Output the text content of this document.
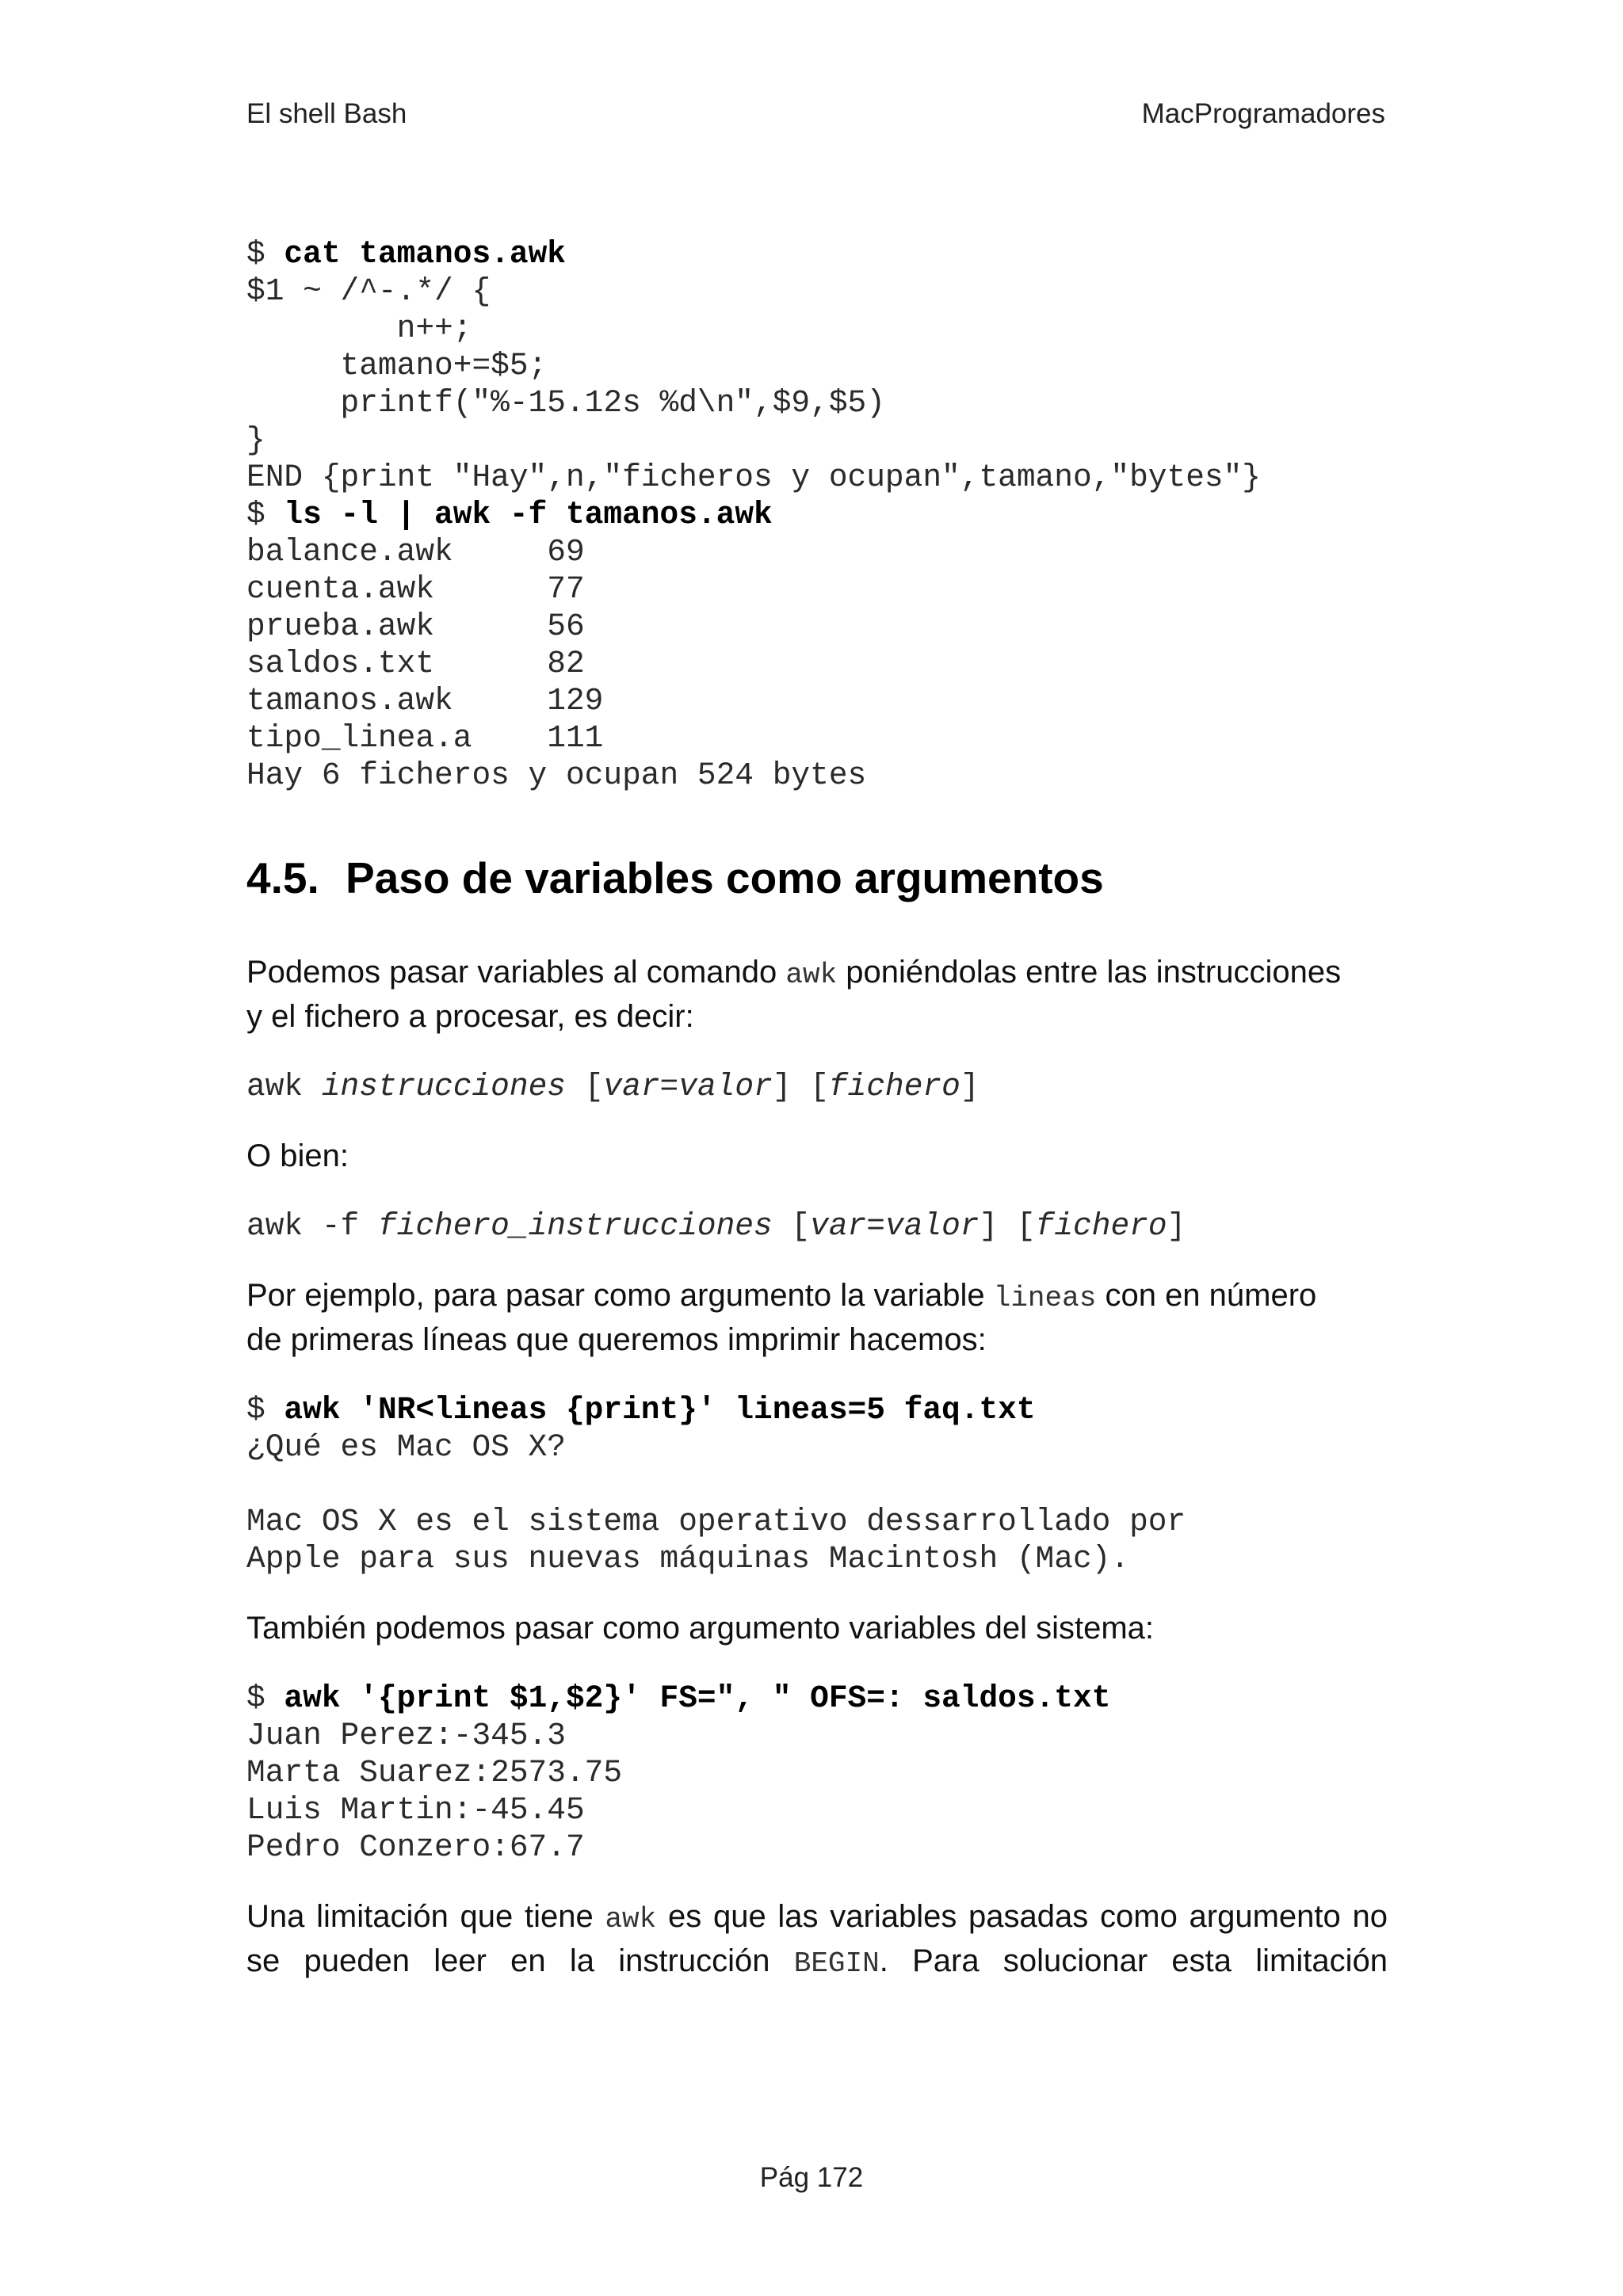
El shell Bash	MacProgramadores
$ cat tamanos.awk
$1 ~ /^-.*/ {
n++;
tamano+=$5;
printf("%-15.12s %d\n",$9,$5)
}
END {print "Hay",n,"ficheros y ocupan",tamano,"bytes"}
$ ls -l | awk -f tamanos.awk
balance.awk     69
cuenta.awk      77
prueba.awk      56
saldos.txt      82
tamanos.awk     129
tipo_linea.a    111
Hay 6 ficheros y ocupan 524 bytes
4.5. Paso de variables como argumentos

Podemos pasar variables al comando awk poniéndolas entre las instrucciones
y el fichero a procesar, es decir:

awk instrucciones [var=valor] [fichero]

O bien:

awk -f fichero_instrucciones [var=valor] [fichero]

Por ejemplo, para pasar como argumento la variable lineas con en número
de primeras líneas que queremos imprimir hacemos:

$ awk 'NR<lineas {print}' lineas=5 faq.txt
¿Qué es Mac OS X?

Mac OS X es el sistema operativo dessarrollado por
Apple para sus nuevas máquinas Macintosh (Mac).

También podemos pasar como argumento variables del sistema:

$ awk '{print $1,$2}' FS=", " OFS=: saldos.txt
Juan Perez:-345.3
Marta Suarez:2573.75
Luis Martin:-45.45
Pedro Conzero:67.7

Una limitación que tiene awk es que las variables pasadas como argumento no se pueden leer en la instrucción BEGIN. Para solucionar esta limitación

Pág 172
